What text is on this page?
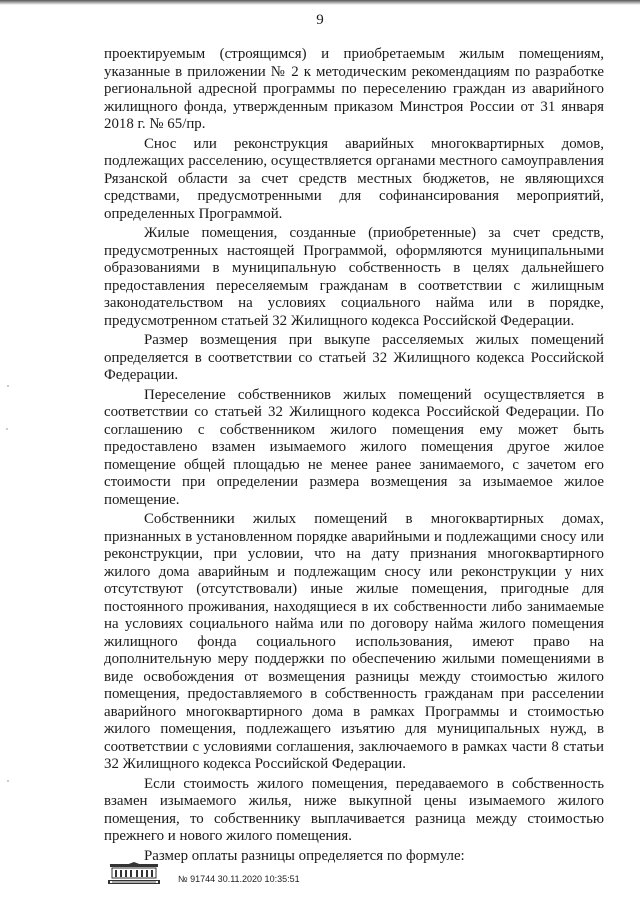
9

проектируемым (строящимся) и приобретаемым жилым помещениям, указанные в приложении № 2 к методическим рекомендациям по разработке региональной адресной программы по переселению граждан из аварийного жилищного фонда, утвержденным приказом Минстроя России от 31 января 2018 г. № 65/пр.

Снос или реконструкция аварийных многоквартирных домов, подлежащих расселению, осуществляется органами местного самоуправления Рязанской области за счет средств местных бюджетов, не являющихся средствами, предусмотренными для софинансирования мероприятий, определенных Программой.

Жилые помещения, созданные (приобретенные) за счет средств, предусмотренных настоящей Программой, оформляются муниципальными образованиями в муниципальную собственность в целях дальнейшего предоставления переселяемым гражданам в соответствии с жилищным законодательством на условиях социального найма или в порядке, предусмотренном статьей 32 Жилищного кодекса Российской Федерации.

Размер возмещения при выкупе расселяемых жилых помещений определяется в соответствии со статьей 32 Жилищного кодекса Российской Федерации.

Переселение собственников жилых помещений осуществляется в соответствии со статьей 32 Жилищного кодекса Российской Федерации. По соглашению с собственником жилого помещения ему может быть предоставлено взамен изымаемого жилого помещения другое жилое помещение общей площадью не менее ранее занимаемого, с зачетом его стоимости при определении размера возмещения за изымаемое жилое помещение.

Собственники жилых помещений в многоквартирных домах, признанных в установленном порядке аварийными и подлежащими сносу или реконструкции, при условии, что на дату признания многоквартирного жилого дома аварийным и подлежащим сносу или реконструкции у них отсутствуют (отсутствовали) иные жилые помещения, пригодные для постоянного проживания, находящиеся в их собственности либо занимаемые на условиях социального найма или по договору найма жилого помещения жилищного фонда социального использования, имеют право на дополнительную меру поддержки по обеспечению жилыми помещениями в виде освобождения от возмещения разницы между стоимостью жилого помещения, предоставляемого в собственность гражданам при расселении аварийного многоквартирного дома в рамках Программы и стоимостью жилого помещения, подлежащего изъятию для муниципальных нужд, в соответствии с условиями соглашения, заключаемого в рамках части 8 статьи 32 Жилищного кодекса Российской Федерации.

Если стоимость жилого помещения, передаваемого в собственность взамен изымаемого жилья, ниже выкупной цены изымаемого жилого помещения, то собственнику выплачивается разница между стоимостью прежнего и нового жилого помещения.

Размер оплаты разницы определяется по формуле:

№ 91744 30.11.2020 10:35:51
